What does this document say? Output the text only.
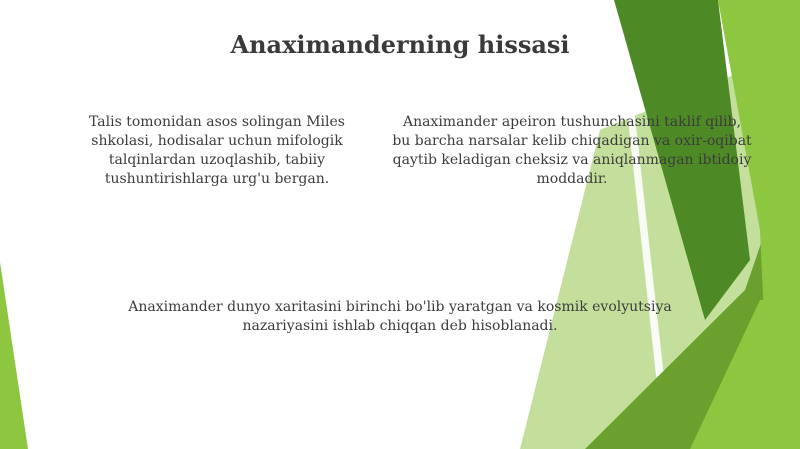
Anaximanderning hissasi

Talis tomonidan asos solingan Miles shkolasi, hodisalar uchun mifologik talqinlardan uzoqlashib, tabiiy tushuntirishlarga urg'u bergan.

Anaximander apeiron tushunchasini taklif qilib, bu barcha narsalar kelib chiqadigan va oxir-oqibat qaytib keladigan cheksiz va aniqlanmagan ibtidoiy moddadir.

Anaximander dunyo xaritasini birinchi bo'lib yaratgan va kosmik evolyutsiya nazariyasini ishlab chiqqan deb hisoblanadi.
